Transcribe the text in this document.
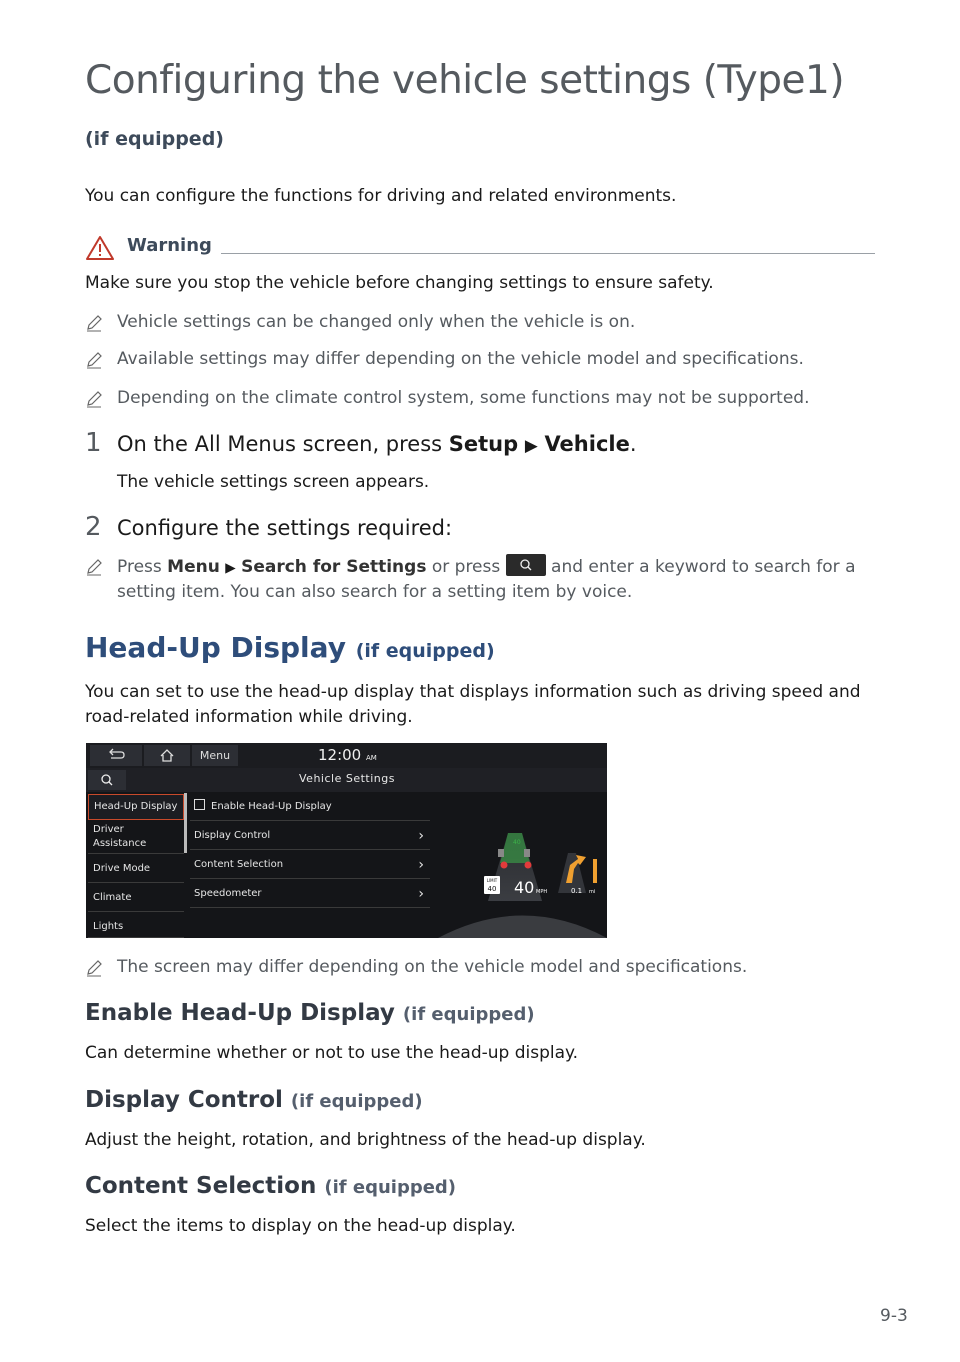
Configuring the vehicle settings (Type1)
(if equipped)
You can configure the functions for driving and related environments.
Warning
Make sure you stop the vehicle before changing settings to ensure safety.
Vehicle settings can be changed only when the vehicle is on.
Available settings may differ depending on the vehicle model and specifications.
Depending on the climate control system, some functions may not be supported.
1 On the All Menus screen, press Setup ▶ Vehicle.
The vehicle settings screen appears.
2 Configure the settings required:
Press Menu ▶ Search for Settings or press	and enter a keyword to search for a
setting item. You can also search for a setting item by voice.
Head-Up Display (if equipped)
You can set to use the head-up display that displays information such as driving speed and
road-related information while driving.
Menu	12:00 AM
Vehicle Settings
Head-Up Display
Driver
Assistance
Drive Mode
Climate
Lights
Enable Head-Up Display
Display Control	›
Content Selection	›
Speedometer	›
LIMIT
40 40 MPH
40
0.1 mi
The screen may differ depending on the vehicle model and specifications.
Enable Head-Up Display (if equipped)
Can determine whether or not to use the head-up display.
Display Control (if equipped)
Adjust the height, rotation, and brightness of the head-up display.
Content Selection (if equipped)
Select the items to display on the head-up display.
9-3
